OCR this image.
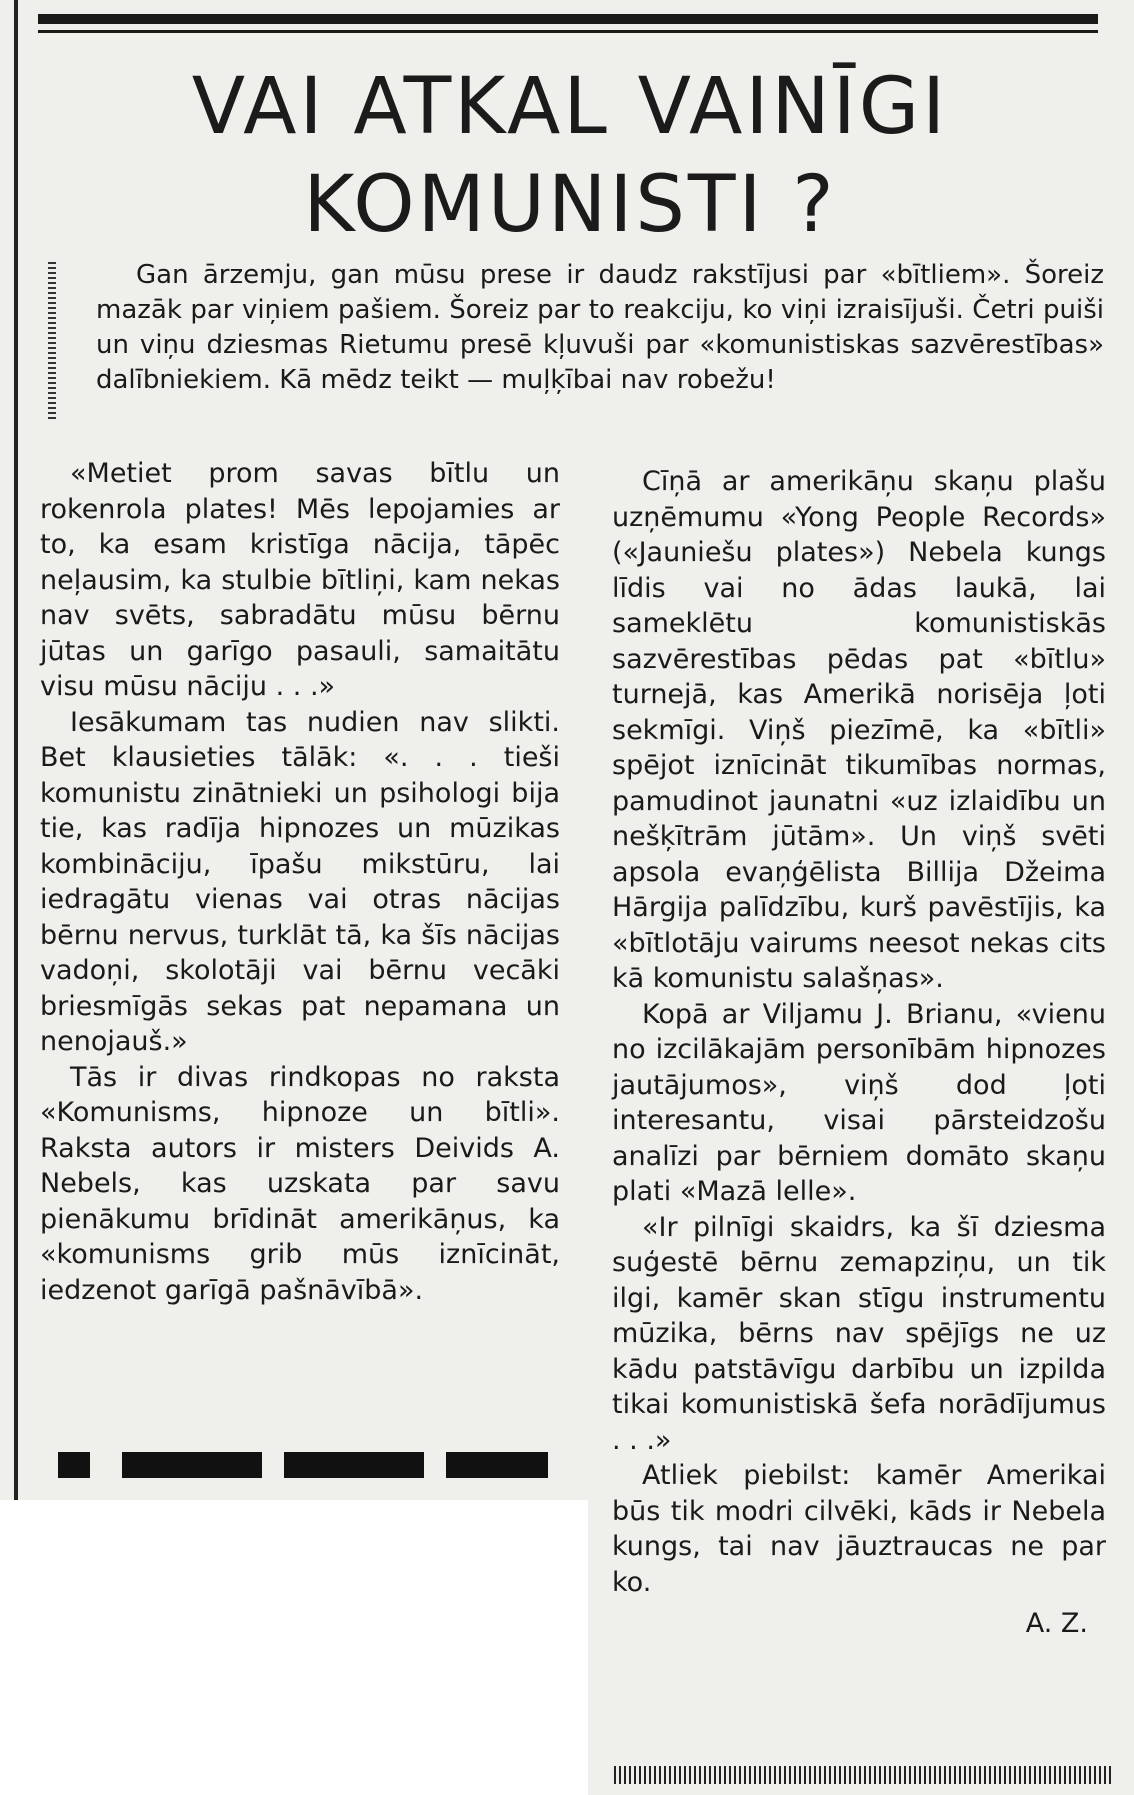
VAI ATKAL VAINĪGI
KOMUNISTI ?

Gan ārzemju, gan mūsu prese ir daudz rakstījusi par «bītliem». Šoreiz mazāk par viņiem pašiem. Šoreiz par to reakciju, ko viņi izraisījuši. Četri puiši un viņu dziesmas Rietumu presē kļuvuši par «komunistiskas sazvērestības» dalībniekiem. Kā mēdz teikt — muļķībai nav robežu!

«Metiet prom savas bītlu un rokenrola plates! Mēs lepojamies ar to, ka esam kristīga nācija, tāpēc neļausim, ka stulbie bītliņi, kam nekas nav svēts, sabradātu mūsu bērnu jūtas un garīgo pasauli, samaitātu visu mūsu nāciju . . .»

Iesākumam tas nudien nav slikti. Bet klausieties tālāk: «. . . tieši komunistu zinātnieki un psihologi bija tie, kas radīja hipnozes un mūzikas kombināciju, īpašu mikstūru, lai iedragātu vienas vai otras nācijas bērnu nervus, turklāt tā, ka šīs nācijas vadoņi, skolotāji vai bērnu vecāki briesmīgās sekas pat nepamana un nenojauš.»

Tās ir divas rindkopas no raksta «Komunisms, hipnoze un bītli». Raksta autors ir misters Deivids A. Nebels, kas uzskata par savu pienākumu brīdināt amerikāņus, ka «komunisms grib mūs iznīcināt, iedzenot garīgā pašnāvībā».

Cīņā ar amerikāņu skaņu plašu uzņēmumu «Yong People Records» («Jauniešu plates») Nebela kungs līdis vai no ādas laukā, lai sameklētu komunistiskās sazvērestības pēdas pat «bītlu» turnejā, kas Amerikā norisēja ļoti sekmīgi. Viņš piezīmē, ka «bītli» spējot iznīcināt tikumības normas, pamudinot jaunatni «uz izlaidību un nešķītrām jūtām». Un viņš svēti apsola evaņģēlista Billija Džeima Hārgija palīdzību, kurš pavēstījis, ka «bītlotāju vairums neesot nekas cits kā komunistu salašņas».

Kopā ar Viljamu J. Brianu, «vienu no izcilākajām personībām hipnozes jautājumos», viņš dod ļoti interesantu, visai pārsteidzošu analīzi par bērniem domāto skaņu plati «Mazā lelle».

«Ir pilnīgi skaidrs, ka šī dziesma suģestē bērnu zemapziņu, un tik ilgi, kamēr skan stīgu instrumentu mūzika, bērns nav spējīgs ne uz kādu patstāvīgu darbību un izpilda tikai komunistiskā šefa norādījumus . . .»

Atliek piebilst: kamēr Amerikai būs tik modri cilvēki, kāds ir Nebela kungs, tai nav jāuztraucas ne par ko.

A. Z.
